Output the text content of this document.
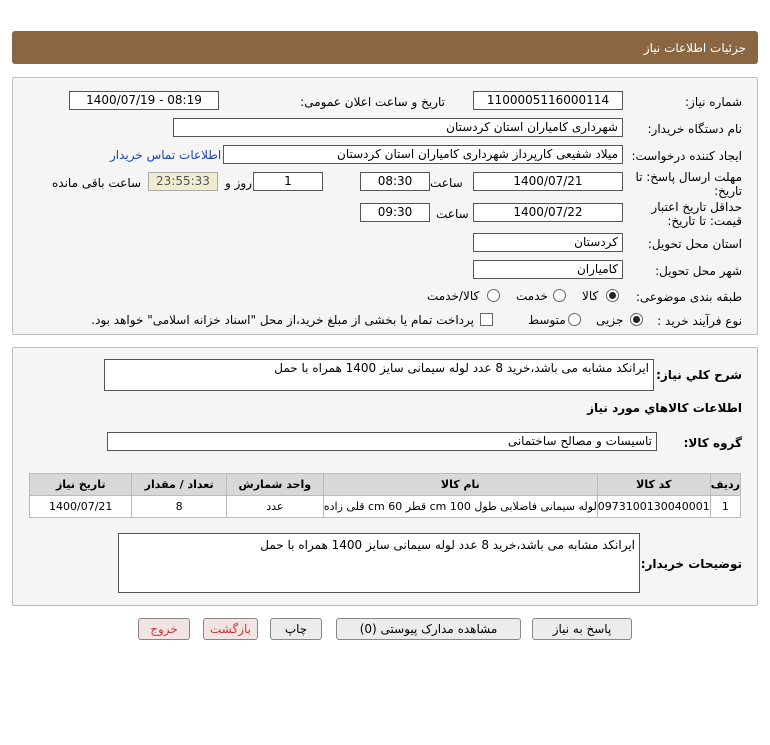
جزئیات اطلاعات نیاز
شماره نیاز:
1100005116000114
تاریخ و ساعت اعلان عمومی:
1400/07/19 - 08:19
نام دستگاه خریدار:
شهرداری کامیاران استان کردستان
ایجاد کننده درخواست:
میلاد شفیعی کارپرداز شهرداری کامیاران استان کردستان
اطلاعات تماس خریدار
مهلت ارسال پاسخ: تا
تاریخ:
1400/07/21
ساعت
08:30
1
روز و
23:55:33
ساعت باقی مانده
حداقل تاریخ اعتبار
قیمت: تا تاریخ:
1400/07/22
ساعت
09:30
استان محل تحویل:
کردستان
شهر محل تحویل:
کامیاران
طبقه بندی موضوعی:
کالا
خدمت
کالا/خدمت
نوع فرآیند خرید :
جزیی
متوسط
پرداخت تمام یا بخشی از مبلغ خرید،از محل "اسناد خزانه اسلامی" خواهد بود.
شرح کلي نياز:
ایرانکد مشابه می باشد،خرید 8 عدد لوله سیمانی سایز 1400 همراه با حمل
اطلاعات کالاهاي مورد نياز
گروه کالا:
تاسیسات و مصالح ساختمانی
ردیف	کد کالا	نام کالا	واحد شمارش	تعداد / مقدار	تاریخ نیاز
1	0973100130040001	لوله سیمانی فاضلابی طول 100 cm قطر 60 cm قلی زاده	عدد	8	1400/07/21
توضیحات خریدار:
ایرانکد مشابه می باشد،خرید 8 عدد لوله سیمانی سایز 1400 همراه با حمل
پاسخ به نیاز
مشاهده مدارک پیوستی (0)
چاپ
بازگشت
خروج
